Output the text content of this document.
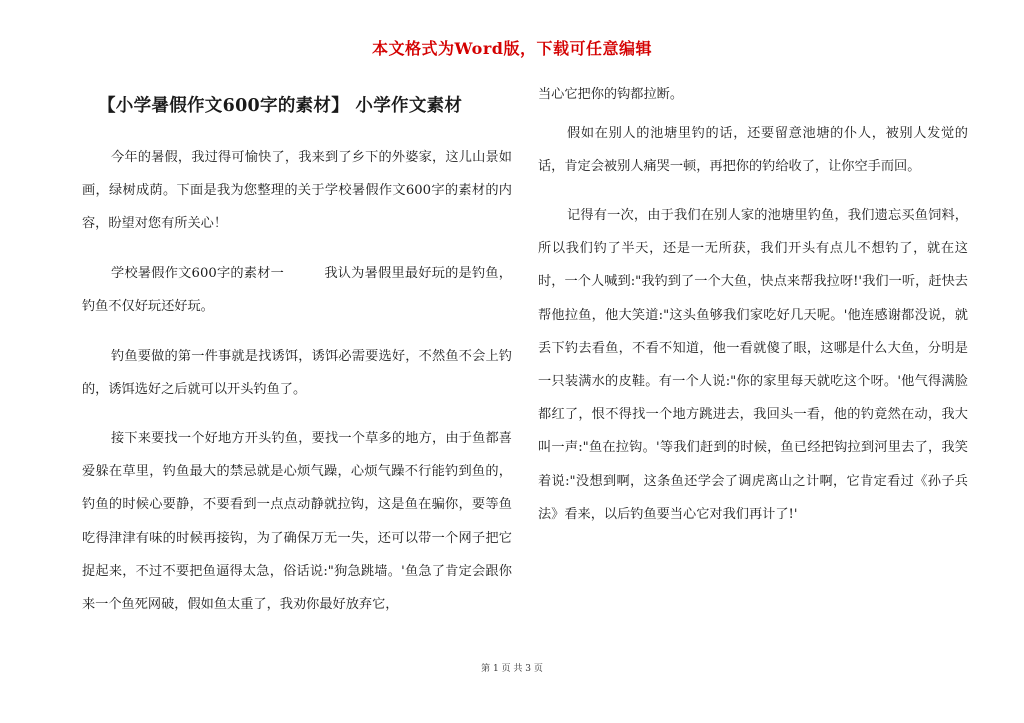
本文格式为Word版，下载可任意编辑
【小学暑假作文600字的素材】 小学作文素材

今年的暑假，我过得可愉快了，我来到了乡下的外婆家，这儿山景如画，绿树成荫。下面是我为您整理的关于学校暑假作文600字的素材的内容，盼望对您有所关心！

学校暑假作文600字的素材一　　　我认为暑假里最好玩的是钓鱼，钓鱼不仅好玩还好玩。

钓鱼要做的第一件事就是找诱饵，诱饵必需要选好，不然鱼不会上钓的，诱饵选好之后就可以开头钓鱼了。

接下来要找一个好地方开头钓鱼，要找一个草多的地方，由于鱼都喜爱躲在草里，钓鱼最大的禁忌就是心烦气躁，心烦气躁不行能钓到鱼的，钓鱼的时候心要静，不要看到一点点动静就拉钩，这是鱼在骗你，要等鱼吃得津津有味的时候再接钩，为了确保万无一失，还可以带一个网子把它捉起来，不过不要把鱼逼得太急，俗话说:"狗急跳墙。'鱼急了肯定会跟你来一个鱼死网破，假如鱼太重了，我劝你最好放弃它，

当心它把你的钩都拉断。

假如在别人的池塘里钓的话，还要留意池塘的仆人，被别人发觉的话，肯定会被别人痛哭一顿，再把你的钓给收了，让你空手而回。

记得有一次，由于我们在别人家的池塘里钓鱼，我们遗忘买鱼饲料，所以我们钓了半天，还是一无所获，我们开头有点儿不想钓了，就在这时，一个人喊到:"我钓到了一个大鱼，快点来帮我拉呀!'我们一听，赶快去帮他拉鱼，他大笑道:"这头鱼够我们家吃好几天呢。'他连感谢都没说，就丢下钓去看鱼，不看不知道，他一看就傻了眼，这哪是什么大鱼，分明是一只装满水的皮鞋。有一个人说:"你的家里每天就吃这个呀。'他气得满脸都红了，恨不得找一个地方跳进去，我回头一看，他的钓竟然在动，我大叫一声:"鱼在拉钩。'等我们赶到的时候，鱼已经把钩拉到河里去了，我笑着说:"没想到啊，这条鱼还学会了调虎离山之计啊，它肯定看过《孙子兵法》看来，以后钓鱼要当心它对我们再计了!'

第 1 页 共 3 页
